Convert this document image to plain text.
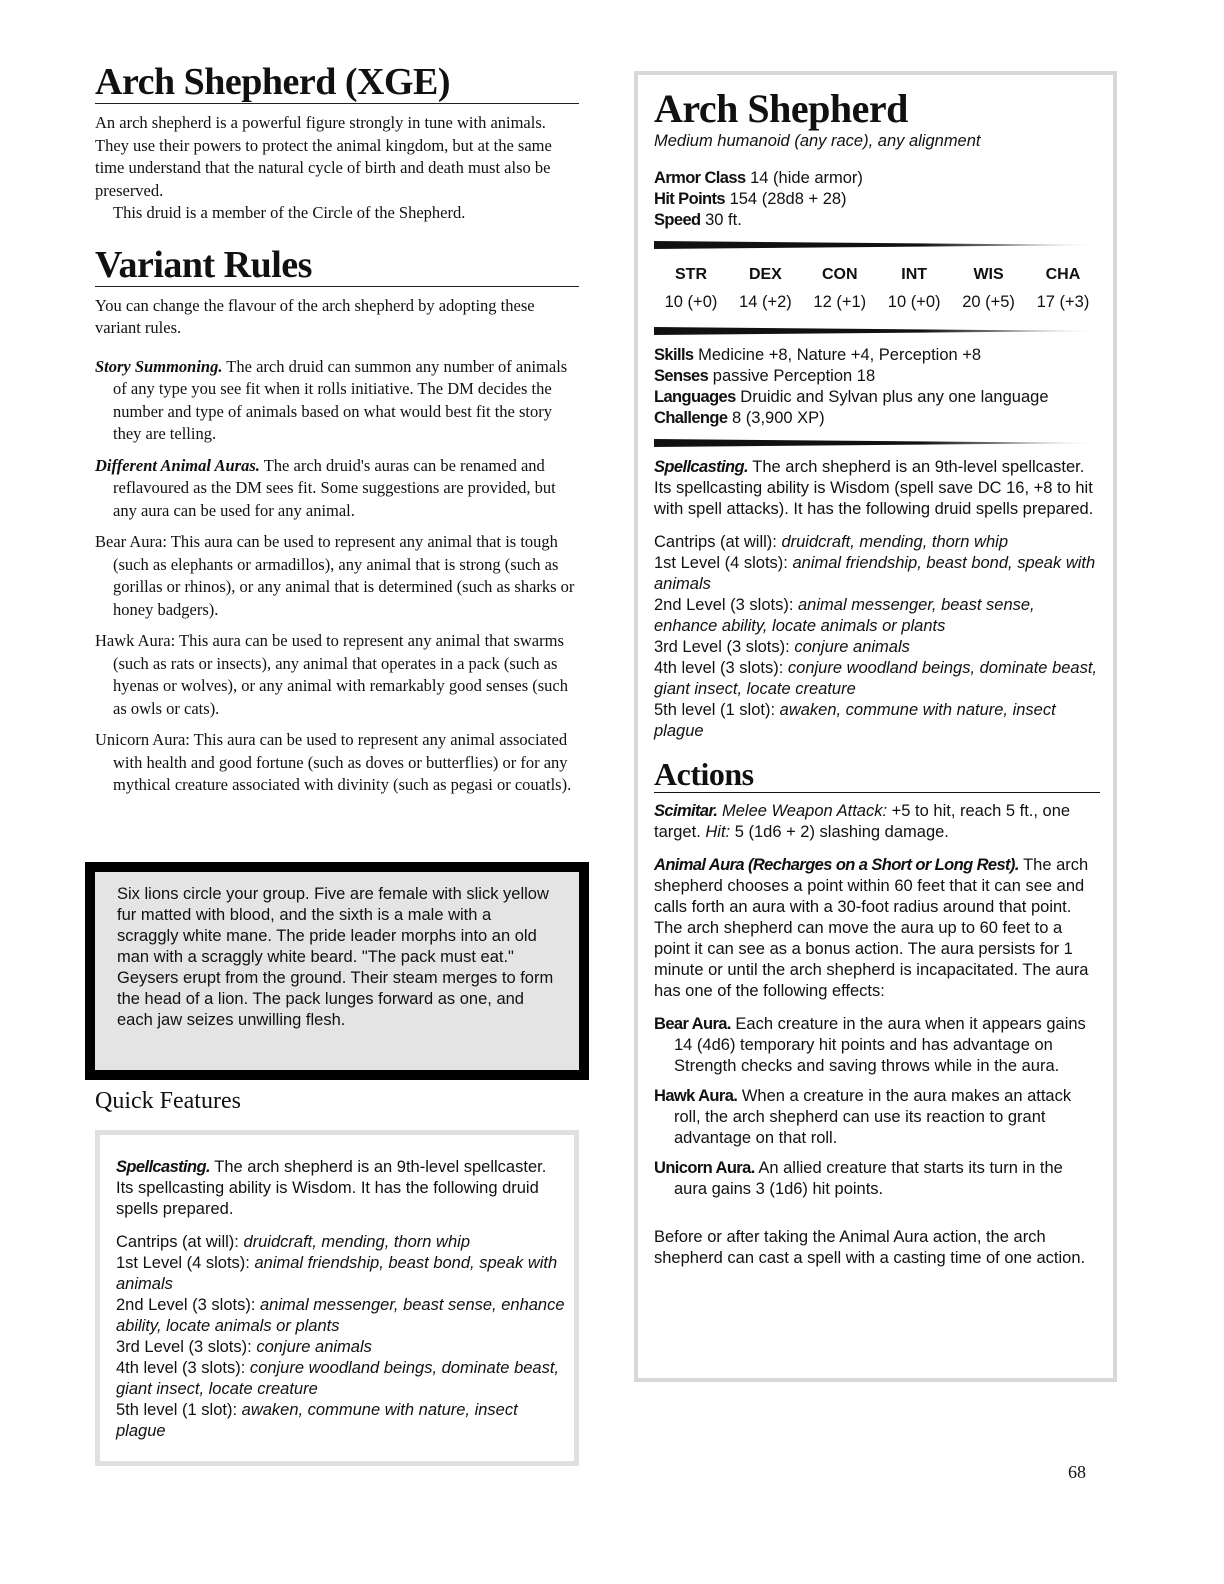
Arch Shepherd (XGE)

An arch shepherd is a powerful figure strongly in tune with animals. They use their powers to protect the animal kingdom, but at the same time understand that the natural cycle of birth and death must also be preserved.

This druid is a member of the Circle of the Shepherd.

Variant Rules

You can change the flavour of the arch shepherd by adopting these variant rules.

Story Summoning. The arch druid can summon any number of animals of any type you see fit when it rolls initiative. The DM decides the number and type of animals based on what would best fit the story they are telling.

Different Animal Auras. The arch druid's auras can be renamed and reflavoured as the DM sees fit. Some suggestions are provided, but any aura can be used for any animal.

Bear Aura: This aura can be used to represent any animal that is tough (such as elephants or armadillos), any animal that is strong (such as gorillas or rhinos), or any animal that is determined (such as sharks or honey badgers).

Hawk Aura: This aura can be used to represent any animal that swarms (such as rats or insects), any animal that operates in a pack (such as hyenas or wolves), or any animal with remarkably good senses (such as owls or cats).

Unicorn Aura: This aura can be used to represent any animal associated with health and good fortune (such as doves or butterflies) or for any mythical creature associated with divinity (such as pegasi or couatls).

Six lions circle your group. Five are female with slick yellow fur matted with blood, and the sixth is a male with a scraggly white mane. The pride leader morphs into an old man with a scraggly white beard. "The pack must eat." Geysers erupt from the ground. Their steam merges to form the head of a lion. The pack lunges forward as one, and each jaw seizes unwilling flesh.
Quick Features

Spellcasting. The arch shepherd is an 9th-level spellcaster. Its spellcasting ability is Wisdom. It has the following druid spells prepared.

Cantrips (at will): druidcraft, mending, thorn whip

1st Level (4 slots): animal friendship, beast bond, speak with animals

2nd Level (3 slots): animal messenger, beast sense, enhance ability, locate animals or plants

3rd Level (3 slots): conjure animals

4th level (3 slots): conjure woodland beings, dominate beast, giant insect, locate creature

5th level (1 slot): awaken, commune with nature, insect plague

Arch Shepherd

Medium humanoid (any race), any alignment

Armor Class 14 (hide armor)

Hit Points 154 (28d8 + 28)

Speed 30 ft.

STR
10 (+0)
DEX
14 (+2)
CON
12 (+1)
INT
10 (+0)
WIS
20 (+5)
CHA
17 (+3)

Skills Medicine +8, Nature +4, Perception +8

Senses passive Perception 18

Languages Druidic and Sylvan plus any one language

Challenge 8 (3,900 XP)

Spellcasting. The arch shepherd is an 9th-level spellcaster. Its spellcasting ability is Wisdom (spell save DC 16, +8 to hit with spell attacks). It has the following druid spells prepared.

Cantrips (at will): druidcraft, mending, thorn whip

1st Level (4 slots): animal friendship, beast bond, speak with animals

2nd Level (3 slots): animal messenger, beast sense, enhance ability, locate animals or plants

3rd Level (3 slots): conjure animals

4th level (3 slots): conjure woodland beings, dominate beast, giant insect, locate creature

5th level (1 slot): awaken, commune with nature, insect plague

Actions

Scimitar. Melee Weapon Attack: +5 to hit, reach 5 ft., one target. Hit: 5 (1d6 + 2) slashing damage.

Animal Aura (Recharges on a Short or Long Rest). The arch shepherd chooses a point within 60 feet that it can see and calls forth an aura with a 30-foot radius around that point. The arch shepherd can move the aura up to 60 feet to a point it can see as a bonus action. The aura persists for 1 minute or until the arch shepherd is incapacitated. The aura has one of the following effects:

Bear Aura. Each creature in the aura when it appears gains 14 (4d6) temporary hit points and has advantage on Strength checks and saving throws while in the aura.

Hawk Aura. When a creature in the aura makes an attack roll, the arch shepherd can use its reaction to grant advantage on that roll.

Unicorn Aura. An allied creature that starts its turn in the aura gains 3 (1d6) hit points.

Before or after taking the Animal Aura action, the arch shepherd can cast a spell with a casting time of one action.

68
